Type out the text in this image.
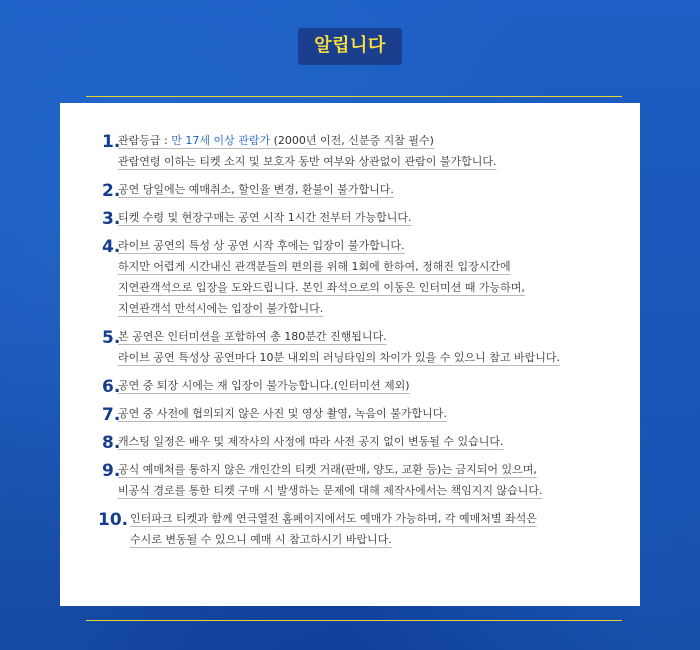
알립니다
1.
관람등급 : 만 17세 이상 관람가 (2000년 이전, 신분증 지참 필수)
관람연령 이하는 티켓 소지 및 보호자 동반 여부와 상관없이 관람이 불가합니다.
2.
공연 당일에는 예매취소, 할인율 변경, 환불이 불가합니다.
3.
티켓 수령 및 현장구매는 공연 시작 1시간 전부터 가능합니다.
4.
라이브 공연의 특성 상 공연 시작 후에는 입장이 불가합니다.
하지만 어렵게 시간내신 관객분들의 편의를 위해 1회에 한하여, 정해진 입장시간에
지연관객석으로 입장을 도와드립니다. 본인 좌석으로의 이동은 인터미션 때 가능하며,
지연관객석 만석시에는 입장이 불가합니다.
5.
본 공연은 인터미션을 포함하여 총 180분간 진행됩니다.
라이브 공연 특성상 공연마다 10분 내외의 러닝타임의 차이가 있을 수 있으니 참고 바랍니다.
6.
공연 중 퇴장 시에는 재 입장이 불가능합니다.(인터미션 제외)
7.
공연 중 사전에 협의되지 않은 사진 및 영상 촬영, 녹음이 불가합니다.
8.
캐스팅 일정은 배우 및 제작사의 사정에 따라 사전 공지 없이 변동될 수 있습니다.
9.
공식 예매처를 통하지 않은 개인간의 티켓 거래(판매, 양도, 교환 등)는 금지되어 있으며,
비공식 경로를 통한 티켓 구매 시 발생하는 문제에 대해 제작사에서는 책임지지 않습니다.
10. 인터파크 티켓과 함께 연극열전 홈페이지에서도 예매가 가능하며, 각 예매처별 좌석은
수시로 변동될 수 있으니 예매 시 참고하시기 바랍니다.
